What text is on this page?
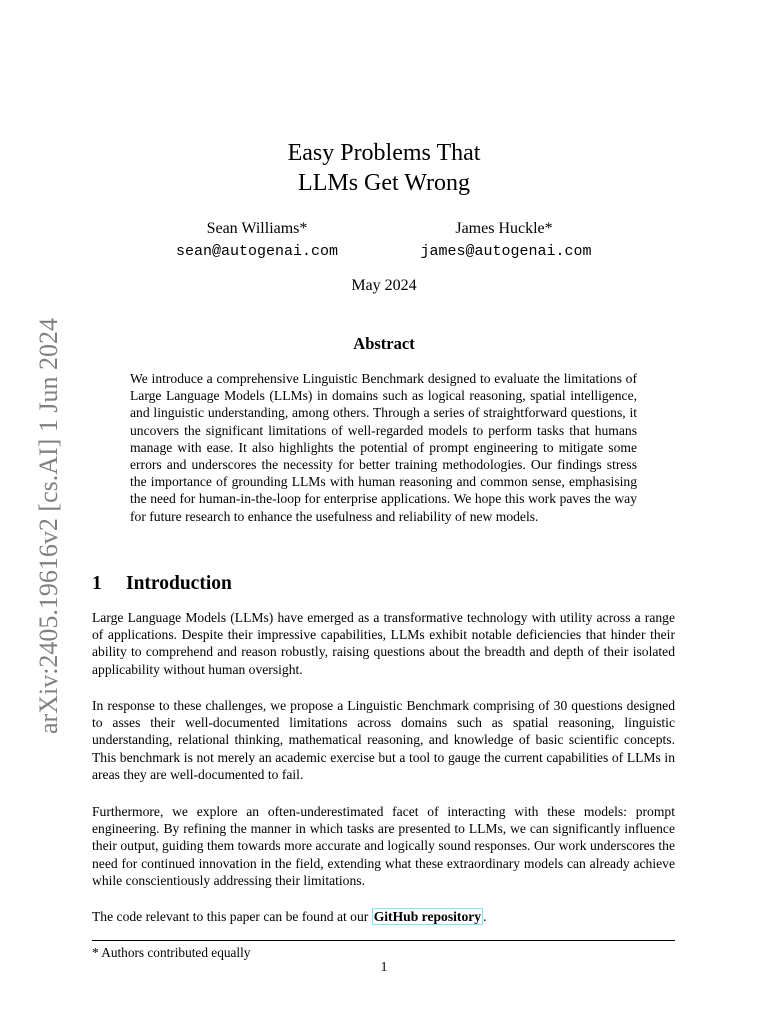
arXiv:2405.19616v2 [cs.AI] 1 Jun 2024
Easy Problems That
LLMs Get Wrong
Sean Williams*	James Huckle*
sean@autogenai.com	james@autogenai.com
May 2024
Abstract
We introduce a comprehensive Linguistic Benchmark designed to evaluate the limitations of Large Language Models (LLMs) in domains such as logical reasoning, spatial intelligence, and linguistic understanding, among others. Through a series of straightforward questions, it uncovers the significant limitations of well-regarded models to perform tasks that humans manage with ease. It also highlights the potential of prompt engineering to mitigate some errors and underscores the necessity for better training methodologies. Our findings stress the importance of grounding LLMs with human reasoning and common sense, emphasising the need for human-in-the-loop for enterprise applications. We hope this work paves the way for future research to enhance the usefulness and reliability of new models.
1 Introduction
Large Language Models (LLMs) have emerged as a transformative technology with utility across a range of applications. Despite their impressive capabilities, LLMs exhibit notable deficiencies that hinder their ability to comprehend and reason robustly, raising questions about the breadth and depth of their isolated applicability without human oversight.
In response to these challenges, we propose a Linguistic Benchmark comprising of 30 questions designed to asses their well-documented limitations across domains such as spatial reasoning, linguistic understanding, relational thinking, mathematical reasoning, and knowledge of basic scientific concepts. This benchmark is not merely an academic exercise but a tool to gauge the current capabilities of LLMs in areas they are well-documented to fail.
Furthermore, we explore an often-underestimated facet of interacting with these models: prompt engineering. By refining the manner in which tasks are presented to LLMs, we can significantly influence their output, guiding them towards more accurate and logically sound responses. Our work underscores the need for continued innovation in the field, extending what these extraordinary models can already achieve while conscientiously addressing their limitations.
The code relevant to this paper can be found at our GitHub repository .
* Authors contributed equally
1
